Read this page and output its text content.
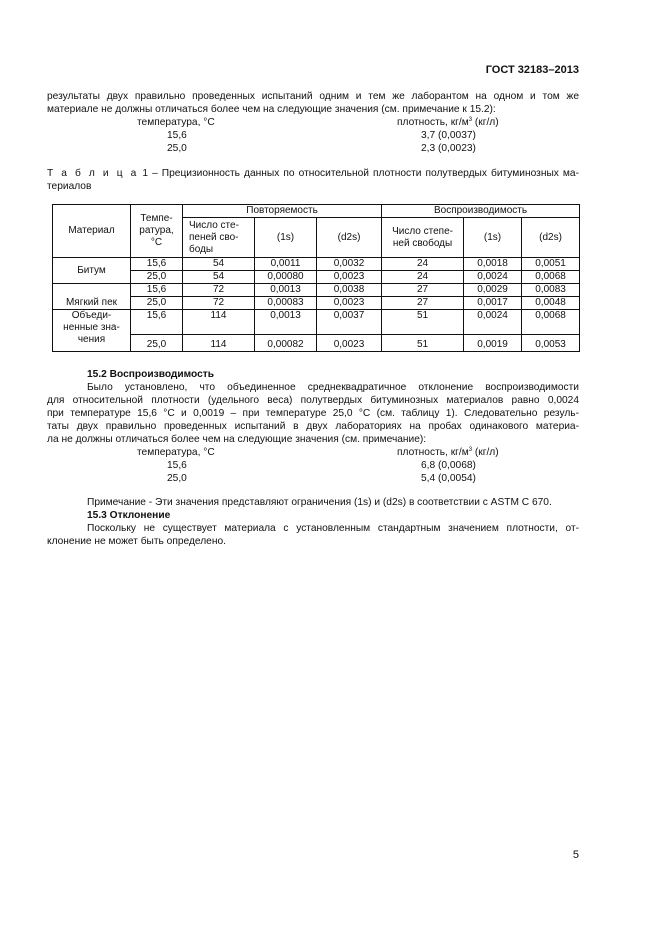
ГОСТ 32183–2013
результаты двух правильно проведенных испытаний одним и тем же лаборантом на одном и том же
материале не должны отличаться более чем на следующие значения (см. примечание к 15.2):
температура, °С	плотность, $кг/м^3$ (кг/л)
15,6	3,7 (0,0037)
25,0	2,3 (0,0023)
Т а б л и ц а 1 – Прецизионность данных по относительной плотности полутвердых битуминозных ма-
териалов
Материал	Темпе-ратура, °С	Повторяемость			Воспроизводимость		
		Число сте-пеней сво-боды	(1s)	(d2s)	Число степе-ней свободы	(1s)	(d2s)
Битум	15,6	54	0,0011	0,0032	24	0,0018	0,0051
	25,0	54	0,00080	0,0023	24	0,0024	0,0068
Мягкий пек	15,6	72	0,0013	0,0038	27	0,0029	0,0083
	25,0	72	0,00083	0,0023	27	0,0017	0,0048
Объеди-ненные зна-чения	15,6	114	0,0013	0,0037	51	0,0024	0,0068
	25,0	114	0,00082	0,0023	51	0,0019	0,0053
15.2 Воспроизводимость
Было установлено, что объединенное среднеквадратичное отклонение воспроизводимости
для относительной плотности (удельного веса) полутвердых битуминозных материалов равно 0,0024
при температуре 15,6 °С и 0,0019 – при температуре 25,0 °С (см. таблицу 1). Следовательно резуль-
таты двух правильно проведенных испытаний в двух лабораториях на пробах одинакового материа-
ла не должны отличаться более чем на следующие значения (см. примечание):
температура, °С	плотность, $кг/м^3$ (кг/л)
15,6	6,8 (0,0068)
25,0	5,4 (0,0054)
Примечание - Эти значения представляют ограничения (1s) и (d2s) в соответствии с ASTM С 670.
15.3 Отклонение
Поскольку не существует материала с установленным стандартным значением плотности, от-
клонение не может быть определено.
5
